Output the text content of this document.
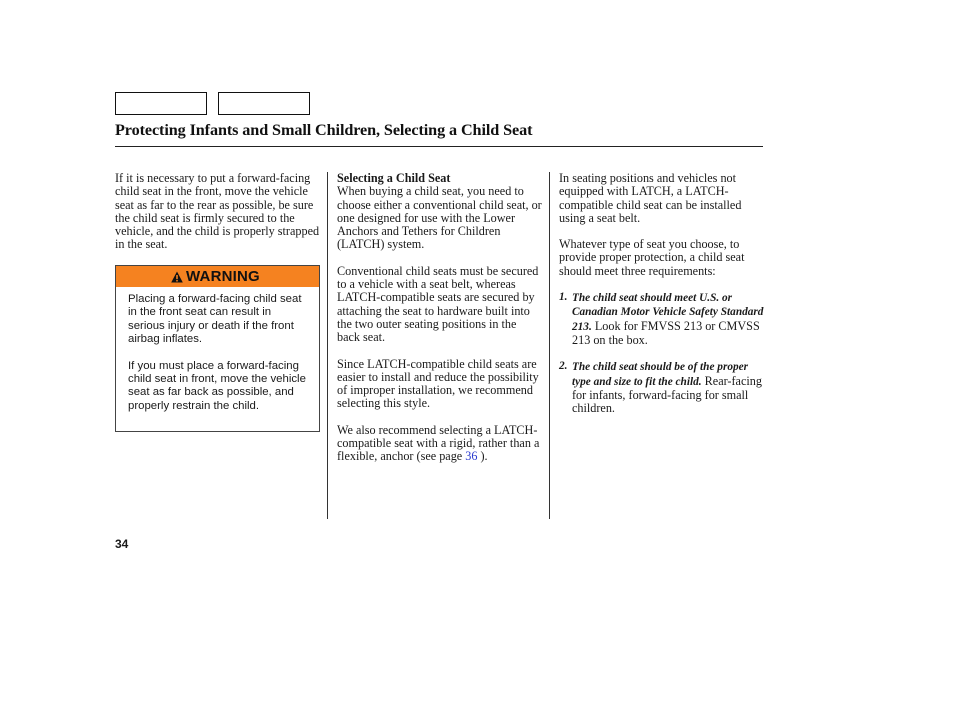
Protecting Infants and Small Children, Selecting a Child Seat

If it is necessary to put a forward-facing child seat in the front, move the vehicle seat as far to the rear as possible, be sure the child seat is firmly secured to the vehicle, and the child is properly strapped in the seat.

WARNING

Placing a forward-facing child seat in the front seat can result in serious injury or death if the front airbag inflates.

If you must place a forward-facing child seat in front, move the vehicle seat as far back as possible, and properly restrain the child.

Selecting a Child Seat

When buying a child seat, you need to choose either a conventional child seat, or one designed for use with the Lower Anchors and Tethers for Children (LATCH) system.

Conventional child seats must be secured to a vehicle with a seat belt, whereas LATCH-compatible seats are secured by attaching the seat to hardware built into the two outer seating positions in the back seat.

Since LATCH-compatible child seats are easier to install and reduce the possibility of improper installation, we recommend selecting this style.

We also recommend selecting a LATCH-compatible seat with a rigid, rather than a flexible, anchor (see page 36 ).

In seating positions and vehicles not equipped with LATCH, a LATCH-compatible child seat can be installed using a seat belt.

Whatever type of seat you choose, to provide proper protection, a child seat should meet three requirements:

1. The child seat should meet U.S. or Canadian Motor Vehicle Safety Standard 213. Look for FMVSS 213 or CMVSS 213 on the box.
2. The child seat should be of the proper type and size to fit the child. Rear-facing for infants, forward-facing for small children.
34
